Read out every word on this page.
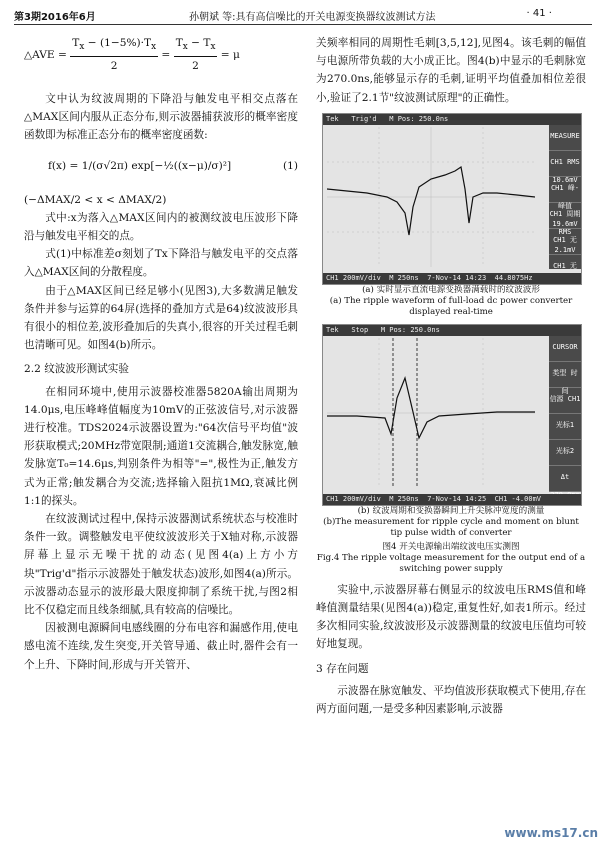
第3期2016年6月	孙朝斌 等:具有高信噪比的开关电源变换器纹波测试方法	· 41 ·
△AVE = $\frac{T_x - (1-5\%)\cdot T_x}{2} = \frac{T_x - T_x}{2} = \mu$

文中认为纹波周期的下降沿与触发电平相交点落在△MAX区间内服从正态分布,则示波器捕获波形的概率密度函数即为标准正态分布的概率密度函数:

f(x) = 1/(σ√2π) exp[−½((x−μ)/σ)²]	(1)

(−ΔMAX/2 < x < ΔMAX/2)

式中:x为落入△MAX区间内的被测纹波电压波形下降沿与触发电平相交的点。

式(1)中标准差σ刻划了Tx下降沿与触发电平的交点落入△MAX区间的分散程度。

由于△MAX区间已经足够小(见图3),大多数满足触发条件并参与运算的64屏(选择的叠加方式是64)纹波波形具有很小的相位差,波形叠加后的失真小,很容的开关过程毛刺也清晰可见。如图4(b)所示。

2.2 纹波波形测试实验

在相同环境中,使用示波器校准器5820A输出周期为14.0μs,电压峰峰值幅度为10mV的正弦波信号,对示波器进行校准。TDS2024示波器设置为:"64次信号平均值"波形获取模式;20MHz带宽限制;通道1交流耦合,触发脉宽,触发脉宽T₀=14.6μs,判别条件为相等"=",极性为正,触发方式为正常;触发耦合为交流;选择输入阻抗1MΩ,衰减比例1:1的探头。

在纹波测试过程中,保持示波器测试系统状态与校准时条件一致。调整触发电平使纹波波形关于X轴对称,示波器屏幕上显示无噪干扰的动态(见图4(a)上方小方块"Trig'd"指示示波器处于触发状态)波形,如图4(a)所示。示波器动态显示的波形最大限度抑制了系统干扰,与图2相比不仅稳定而且线条细腻,具有较高的信噪比。

因被测电源瞬间电感线圈的分布电容和漏感作用,使电感电流不连续,发生突变,开关管导通、截止时,器件会有一个上升、下降时间,形成与开关管开、

关频率相同的周期性毛刺[3,5,12],见图4。该毛刺的幅值与电源所带负载的大小成正比。图4(b)中显示的毛刺脉宽为270.0ns,能够显示存的毛刺,证明平均值叠加相位差很小,验证了2.1节"纹波测试原理"的正确性。

Tek Trig'd M Pos: 250.0ns
MEASURE
CH1 RMS
10.6mV
CH1 峰-峰值
19.6mV
CH1 周期 RMS
2.1mV
CH1 无
CH1 无
CH1 200mV/div M 250ns 7-Nov-14 14:23 44.8075Hz
(a) 实时显示直流电源变换器满载时的纹波波形
(a) The ripple waveform of full-load dc power converter displayed real-time
Tek Stop M Pos: 250.0ns
CURSOR
类型 时间
信源 CH1
光标1
光标2
Δt
CH1 200mV/div M 250ns 7-Nov-14 14:25 CH1 -4.00mV
(b) 纹波周期和变换器瞬间上升尖脉冲宽度的测量
(b)The measurement for ripple cycle and moment on blunt tip pulse width of converter
图4 开关电源输出端纹波电压实测图
Fig.4 The ripple voltage measurement for the output end of a switching power supply

实验中,示波器屏幕右侧显示的纹波电压RMS值和峰峰值测量结果(见图4(a))稳定,重复性好,如表1所示。经过多次相同实验,纹波波形及示波器测量的纹波电压值均可较好地复现。

3 存在问题

示波器在脉宽触发、平均值波形获取模式下使用,存在两方面问题,一是受多种因素影响,示波器

www.ms17.cn
